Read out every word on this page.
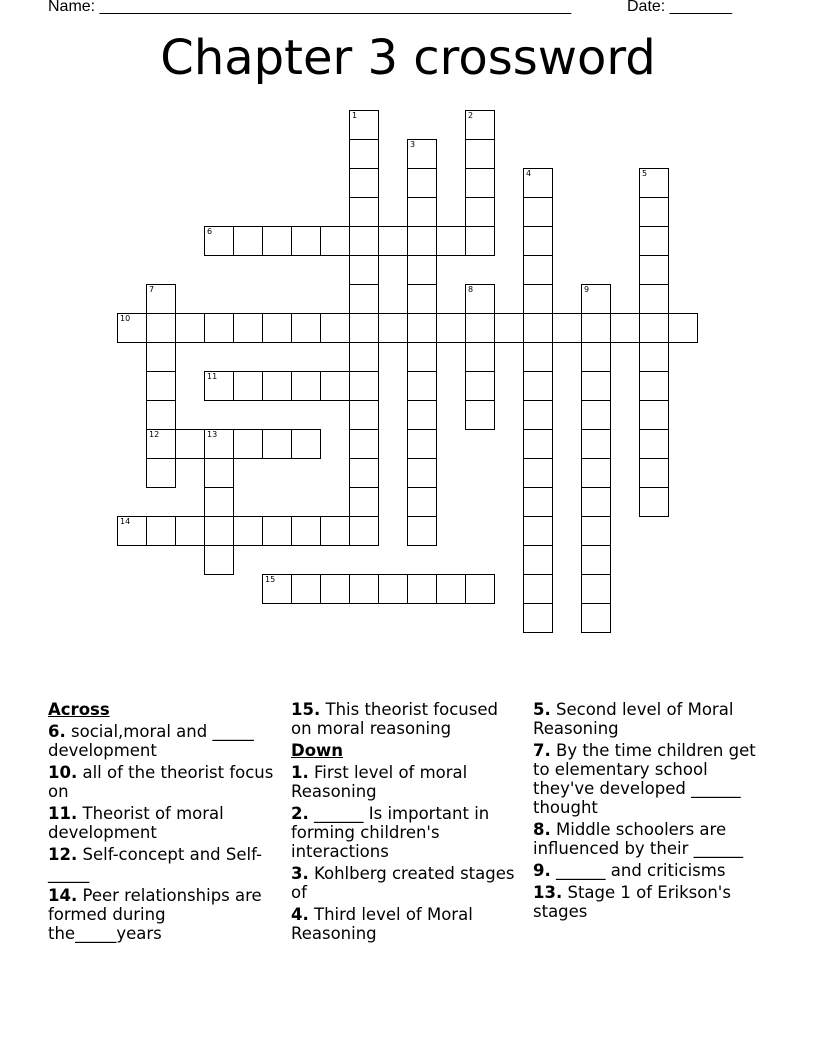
Name: _____________________________________________________	Date: _______
Chapter 3 crossword
1	2
3
4	5
6
7
12
8	9
10
11
13
14
15
Across
6. social,moral and _____ development
10. all of the theorist focus on
11. Theorist of moral development
12. Self-concept and Self-_____
14. Peer relationships are formed during the_____years
15. This theorist focused on moral reasoning
Down
1. First level of moral Reasoning
2. ______ Is important in forming children's interactions
3. Kohlberg created stages of
4. Third level of Moral Reasoning
5. Second level of Moral Reasoning
7. By the time children get to elementary school they've developed ______ thought
8. Middle schoolers are influenced by their ______
9. ______ and criticisms
13. Stage 1 of Erikson's stages
